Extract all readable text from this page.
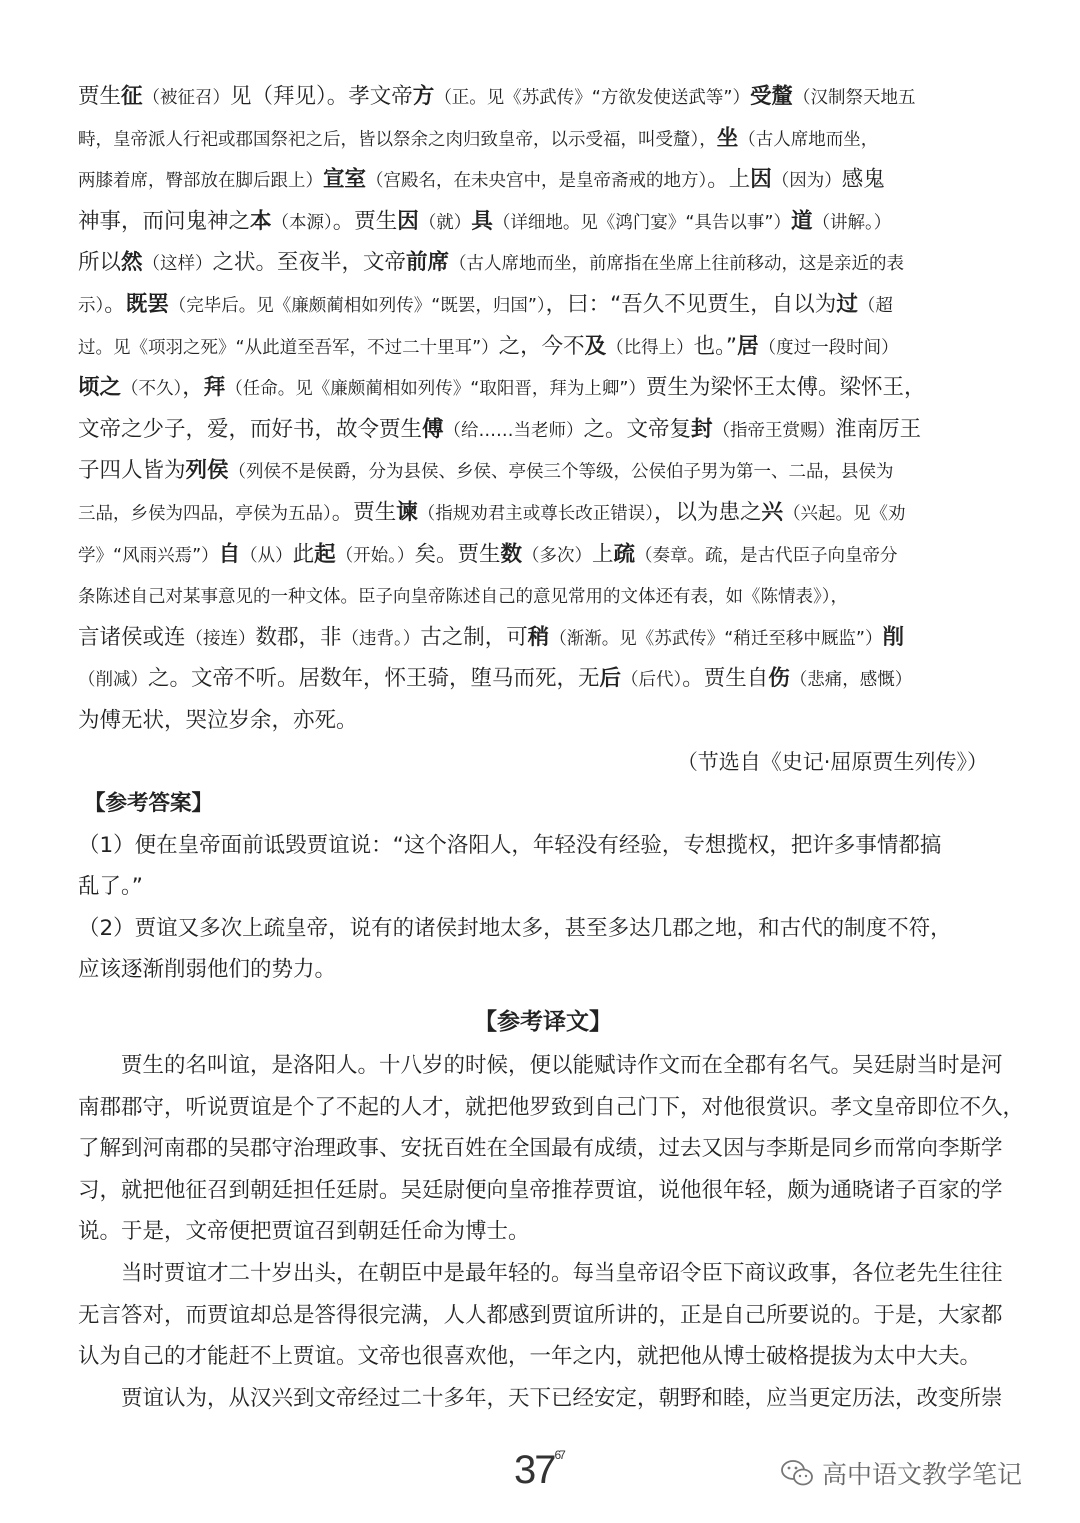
贾生征（被征召）见（拜见）。孝文帝方（正。见《苏武传》“方欲发使送武等”）受釐（汉制祭天地五
畤，皇帝派人行祀或郡国祭祀之后，皆以祭余之肉归致皇帝，以示受福，叫受釐），坐（古人席地而坐，
两膝着席，臀部放在脚后跟上）宣室（宫殿名，在未央宫中，是皇帝斋戒的地方）。上因（因为）感鬼
神事，而问鬼神之本（本源）。贾生因（就）具（详细地。见《鸿门宴》“具告以事”）道（讲解。）
所以然（这样）之状。至夜半，文帝前席（古人席地而坐，前席指在坐席上往前移动，这是亲近的表
示）。既罢（完毕后。见《廉颇蔺相如列传》“既罢，归国”），曰：“吾久不见贾生，自以为过（超
过。见《项羽之死》“从此道至吾军，不过二十里耳”）之，今不及（比得上）也。”居（度过一段时间）
顷之（不久），拜（任命。见《廉颇蔺相如列传》“取阳晋，拜为上卿”）贾生为梁怀王太傅。梁怀王，
文帝之少子，爱，而好书，故令贾生傅（给……当老师）之。文帝复封（指帝王赏赐）淮南厉王
子四人皆为列侯（列侯不是侯爵，分为县侯、乡侯、亭侯三个等级，公侯伯子男为第一、二品，县侯为
三品，乡侯为四品，亭侯为五品）。贾生谏（指规劝君主或尊长改正错误），以为患之兴（兴起。见《劝
学》“风雨兴焉”）自（从）此起（开始。）矣。贾生数（多次）上疏（奏章。疏，是古代臣子向皇帝分
条陈述自己对某事意见的一种文体。臣子向皇帝陈述自己的意见常用的文体还有表，如《陈情表》），
言诸侯或连（接连）数郡，非（违背。）古之制，可稍（渐渐。见《苏武传》“稍迁至移中厩监”）削
（削减）之。文帝不听。居数年，怀王骑，堕马而死，无后（后代）。贾生自伤（悲痛，感慨）
为傅无状，哭泣岁余，亦死。
（节选自《史记·屈原贾生列传》）
【参考答案】
（1）便在皇帝面前诋毁贾谊说：“这个洛阳人，年轻没有经验，专想揽权，把许多事情都搞
乱了。”
（2）贾谊又多次上疏皇帝，说有的诸侯封地太多，甚至多达几郡之地，和古代的制度不符，
应该逐渐削弱他们的势力。
【参考译文】
贾生的名叫谊，是洛阳人。十八岁的时候，便以能赋诗作文而在全郡有名气。吴廷尉当时是河
南郡郡守，听说贾谊是个了不起的人才，就把他罗致到自己门下，对他很赏识。孝文皇帝即位不久，
了解到河南郡的吴郡守治理政事、安抚百姓在全国最有成绩，过去又因与李斯是同乡而常向李斯学
习，就把他征召到朝廷担任廷尉。吴廷尉便向皇帝推荐贾谊，说他很年轻，颇为通晓诸子百家的学
说。于是，文帝便把贾谊召到朝廷任命为博士。
当时贾谊才二十岁出头，在朝臣中是最年轻的。每当皇帝诏令臣下商议政事，各位老先生往往
无言答对，而贾谊却总是答得很完满，人人都感到贾谊所讲的，正是自己所要说的。于是，大家都
认为自己的才能赶不上贾谊。文帝也很喜欢他，一年之内，就把他从博士破格提拔为太中大夫。
贾谊认为，从汉兴到文帝经过二十多年，天下已经安定，朝野和睦，应当更定历法，改变所崇
$37^{67}$
高中语文教学笔记
